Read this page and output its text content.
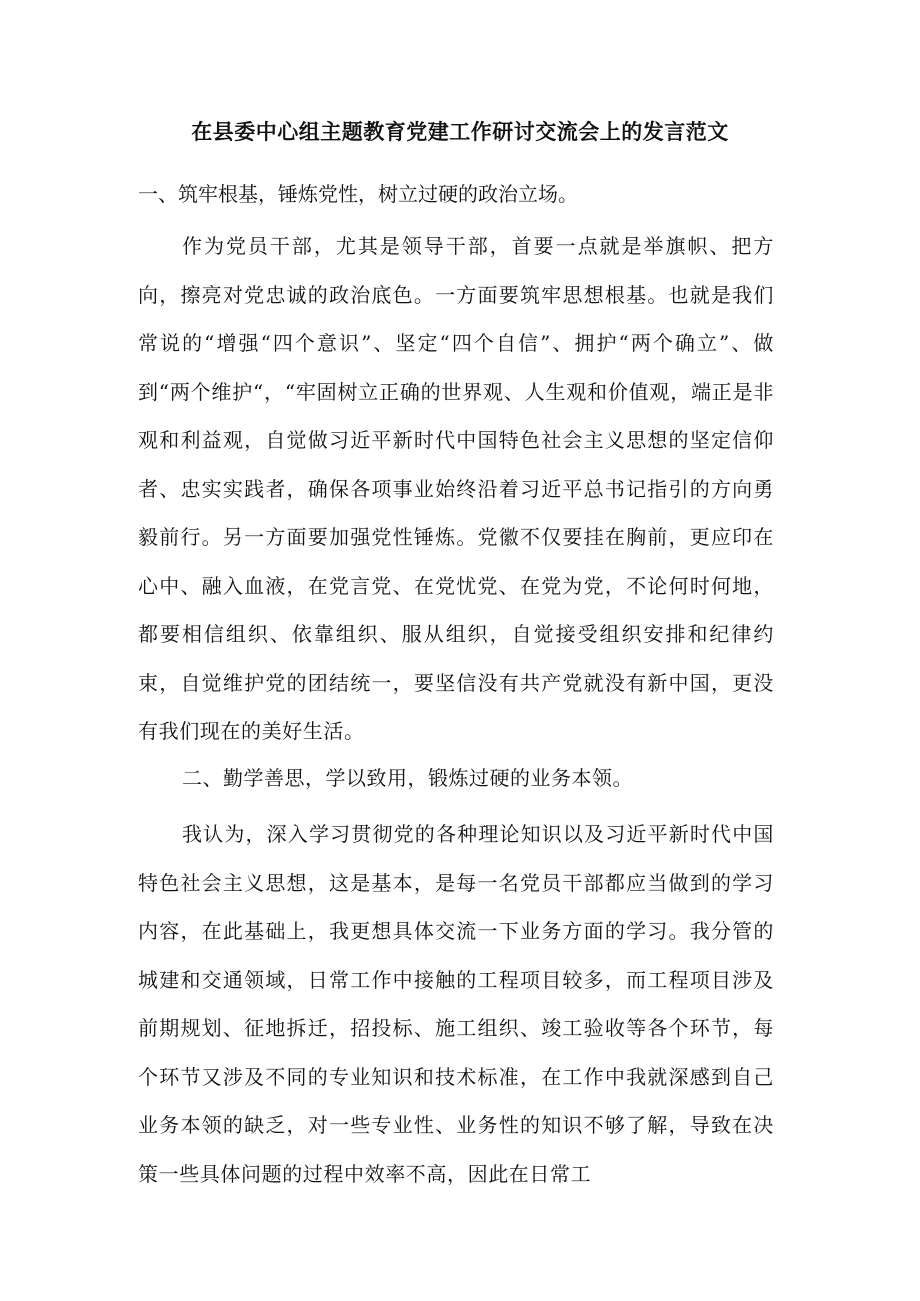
在县委中心组主题教育党建工作研讨交流会上的发言范文
一、筑牢根基，锤炼党性，树立过硬的政治立场。
作为党员干部，尤其是领导干部，首要一点就是举旗帜、把方向，擦亮对党忠诚的政治底色。一方面要筑牢思想根基。也就是我们常说的“增强“四个意识”、坚定“四个自信”、拥护“两个确立”、做到“两个维护“，“牢固树立正确的世界观、人生观和价值观，端正是非观和利益观，自觉做习近平新时代中国特色社会主义思想的坚定信仰者、忠实实践者，确保各项事业始终沿着习近平总书记指引的方向勇毅前行。另一方面要加强党性锤炼。党徽不仅要挂在胸前，更应印在心中、融入血液，在党言党、在党忧党、在党为党，不论何时何地，都要相信组织、依靠组织、服从组织，自觉接受组织安排和纪律约束，自觉维护党的团结统一，要坚信没有共产党就没有新中国，更没有我们现在的美好生活。
二、勤学善思，学以致用，锻炼过硬的业务本领。
我认为，深入学习贯彻党的各种理论知识以及习近平新时代中国特色社会主义思想，这是基本，是每一名党员干部都应当做到的学习内容，在此基础上，我更想具体交流一下业务方面的学习。我分管的城建和交通领域，日常工作中接触的工程项目较多，而工程项目涉及前期规划、征地拆迁，招投标、施工组织、竣工验收等各个环节，每个环节又涉及不同的专业知识和技术标准，在工作中我就深感到自己业务本领的缺乏，对一些专业性、业务性的知识不够了解，导致在决策一些具体问题的过程中效率不高，因此在日常工
